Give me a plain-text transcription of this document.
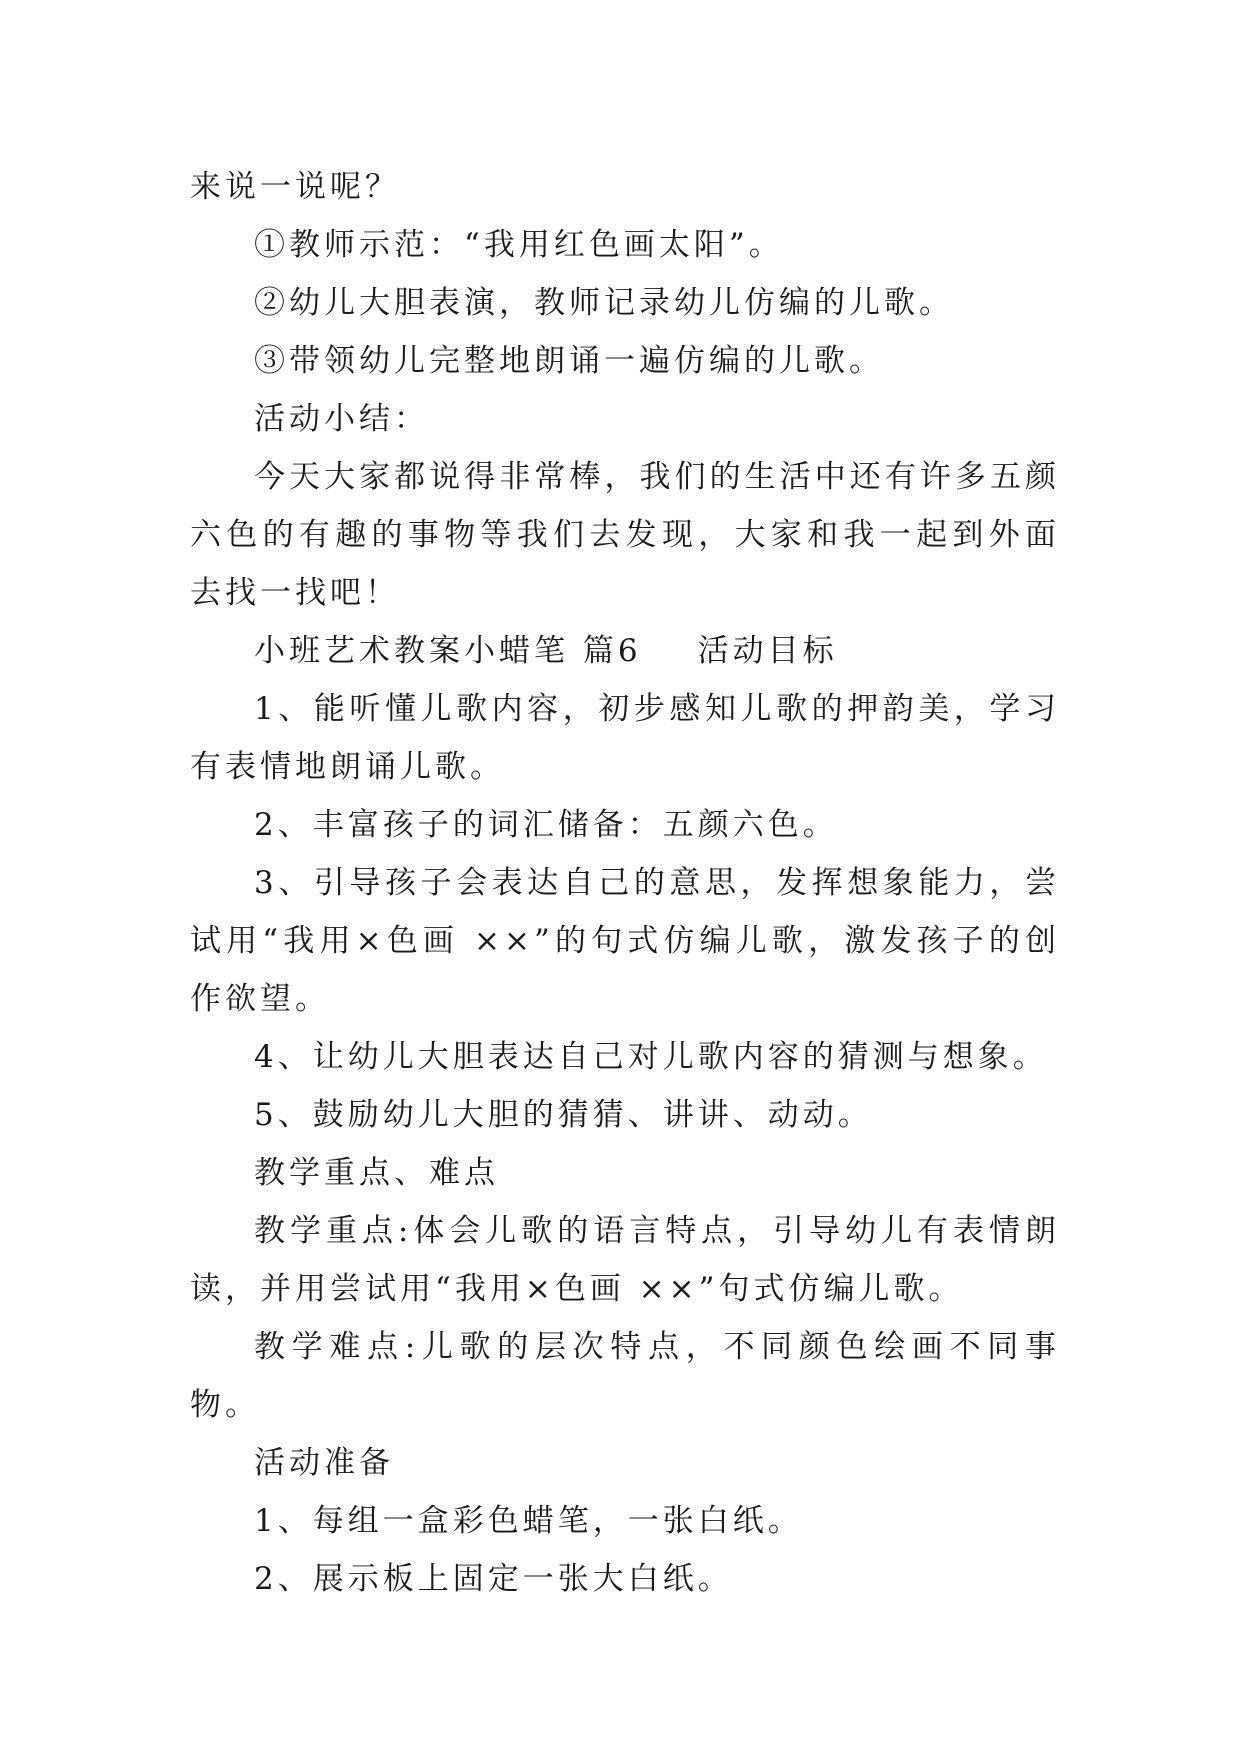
来说一说呢？

①教师示范：“我用红色画太阳”。

②幼儿大胆表演，教师记录幼儿仿编的儿歌。

③带领幼儿完整地朗诵一遍仿编的儿歌。

活动小结：

今天大家都说得非常棒，我们的生活中还有许多五颜六色的有趣的事物等我们去发现，大家和我一起到外面去找一找吧！

小班艺术教案小蜡笔 篇6 活动目标

1、能听懂儿歌内容，初步感知儿歌的押韵美，学习有表情地朗诵儿歌。

2、丰富孩子的词汇储备：五颜六色。

3、引导孩子会表达自己的意思，发挥想象能力，尝试用“我用×色画 ××”的句式仿编儿歌，激发孩子的创作欲望。

4、让幼儿大胆表达自己对儿歌内容的猜测与想象。

5、鼓励幼儿大胆的猜猜、讲讲、动动。

教学重点、难点

教学重点:体会儿歌的语言特点，引导幼儿有表情朗读，并用尝试用“我用×色画 ××”句式仿编儿歌。

教学难点:儿歌的层次特点，不同颜色绘画不同事物。

活动准备

1、每组一盒彩色蜡笔，一张白纸。

2、展示板上固定一张大白纸。
